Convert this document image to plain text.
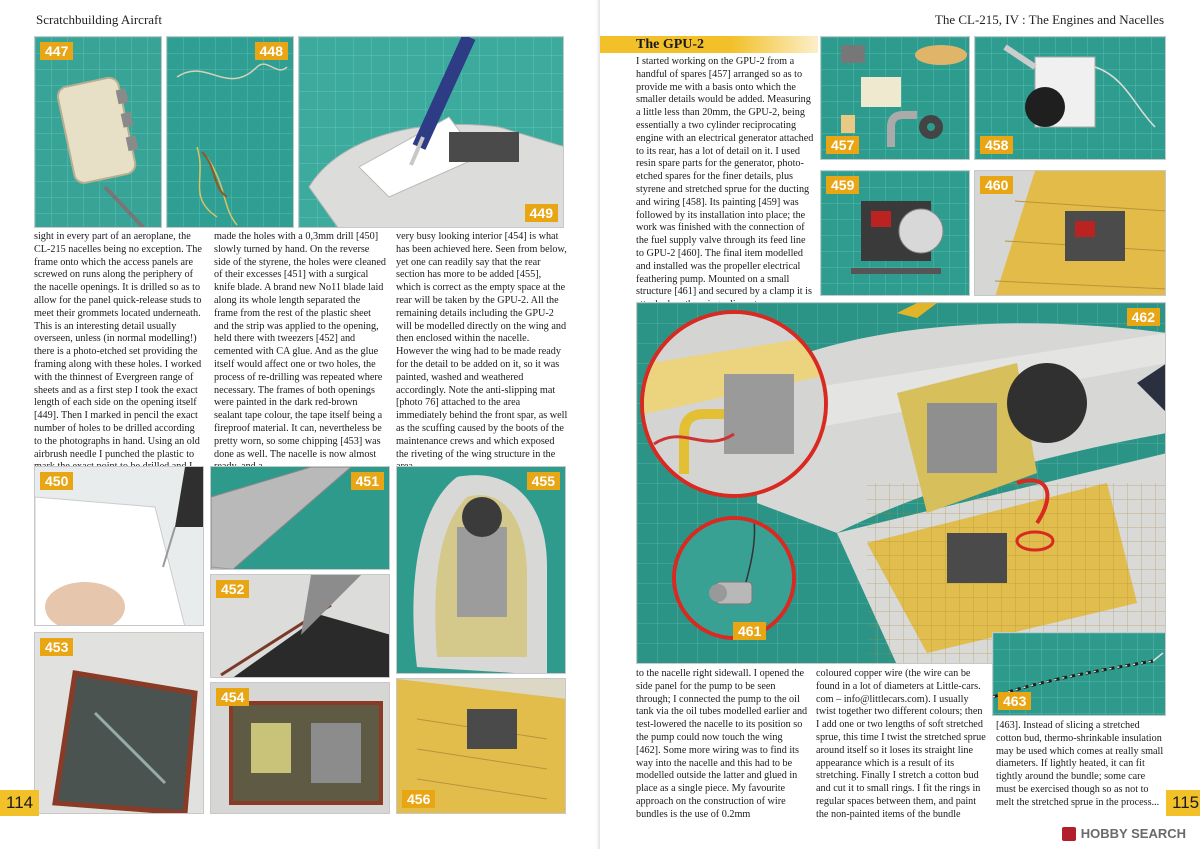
Scratchbuilding Aircraft
447	448
449

sight in every part of an aeroplane, the CL-215 nacelles being no exception. The frame onto which the access panels are screwed on runs along the periphery of the nacelle openings. It is drilled so as to allow for the panel quick-release studs to meet their grommets located underneath. This is an interesting detail usually overseen, unless (in normal modelling!) there is a photo-etched set providing the framing along with these holes. I worked with the thinnest of Evergreen range of sheets and as a first step I took the exact length of each side on the opening itself [449]. Then I marked in pencil the exact number of holes to be drilled according to the photographs in hand. Using an old airbrush needle I punched the plastic to

made the holes with a 0,3mm drill [450] slowly turned by hand. On the reverse side of the styrene, the holes were cleaned of their excesses [451] with a surgical knife blade. A brand new No11 blade laid along its whole length separated the frame from the rest of the plastic sheet and the strip was applied to the opening, held there with tweezers [452] and cemented with CA glue. And as the glue itself would affect one or two holes, the process of re-drilling was repeated where necessary. The frames of both openings were painted in the dark red-brown sealant tape colour, the tape itself being a fireproof material. It can, nevertheless be pretty worn, so some chipping [453] was done as well. The nacelle is now almost

very busy looking interior [454] is what has been achieved here. Seen from below, yet one can readily say that the rear section has more to be added [455], which is correct as the empty space at the rear will be taken by the GPU-2. All the remaining details including the GPU-2 will be modelled directly on the wing and then enclosed within the nacelle. However the wing had to be made ready for the detail to be added on it, so it was painted, washed and weathered accordingly. Note the anti-slipping mat [photo 76] attached to the area immediately behind the front spar, as well as the scuffing caused by the boots of the maintenance crews and which exposed the riveting of the wing structure in the

450	451
452
453
454
455
456
114
The CL-215, IV : The Engines and Nacelles
The GPU-2

I started working on the GPU-2 from a handful of spares [457] arranged so as to provide me with a basis onto which the smaller details would be added. Measuring a little less than 20mm, the GPU-2, being essentially a two cylinder reciprocating engine with an electrical generator attached to its rear, has a lot of detail on it. I used resin spare parts for the generator, photo-etched spares for the finer details, plus styrene and stretched sprue for the ducting and wiring [458]. Its painting [459] was followed by its installation into place; the work was finished with the connection of the fuel supply valve through its feed line to GPU-2 [460]. The final item modelled and installed was the propeller electrical feathering pump. Mounted on a small structure [461] and secured by a clamp it is

457	458
459	460
462
461
463

to the nacelle right sidewall. I opened the side panel for the pump to be seen through; I connected the pump to the oil tank via the oil tubes modelled earlier and test-lowered the nacelle to its position so the pump could now touch the wing [462]. Some more wiring was to find its way into the nacelle and this had to be modelled outside the latter and glued in place as a single piece. My favourite approach on the construction of wire bundles is the use of 0.2mm

coloured copper wire (the wire can be found in a lot of diameters at Little-cars. com – info@littlecars.com). I usually twist together two different colours; then I add one or two lengths of soft stretched sprue, this time I twist the stretched sprue around itself so it loses its straight line appearance which is a result of its stretching. Finally I stretch a cotton bud and cut it to small rings. I fit the rings in regular spaces between them, and paint the non-painted items of the bundle

[463]. Instead of slicing a stretched cotton bud, thermo-shrinkable insulation may be used which comes at really small diameters. If lightly heated, it can fit tightly around the bundle; some care must be exercised though so as not to melt the stretched sprue in the process... 115
HOBBY SEARCH
